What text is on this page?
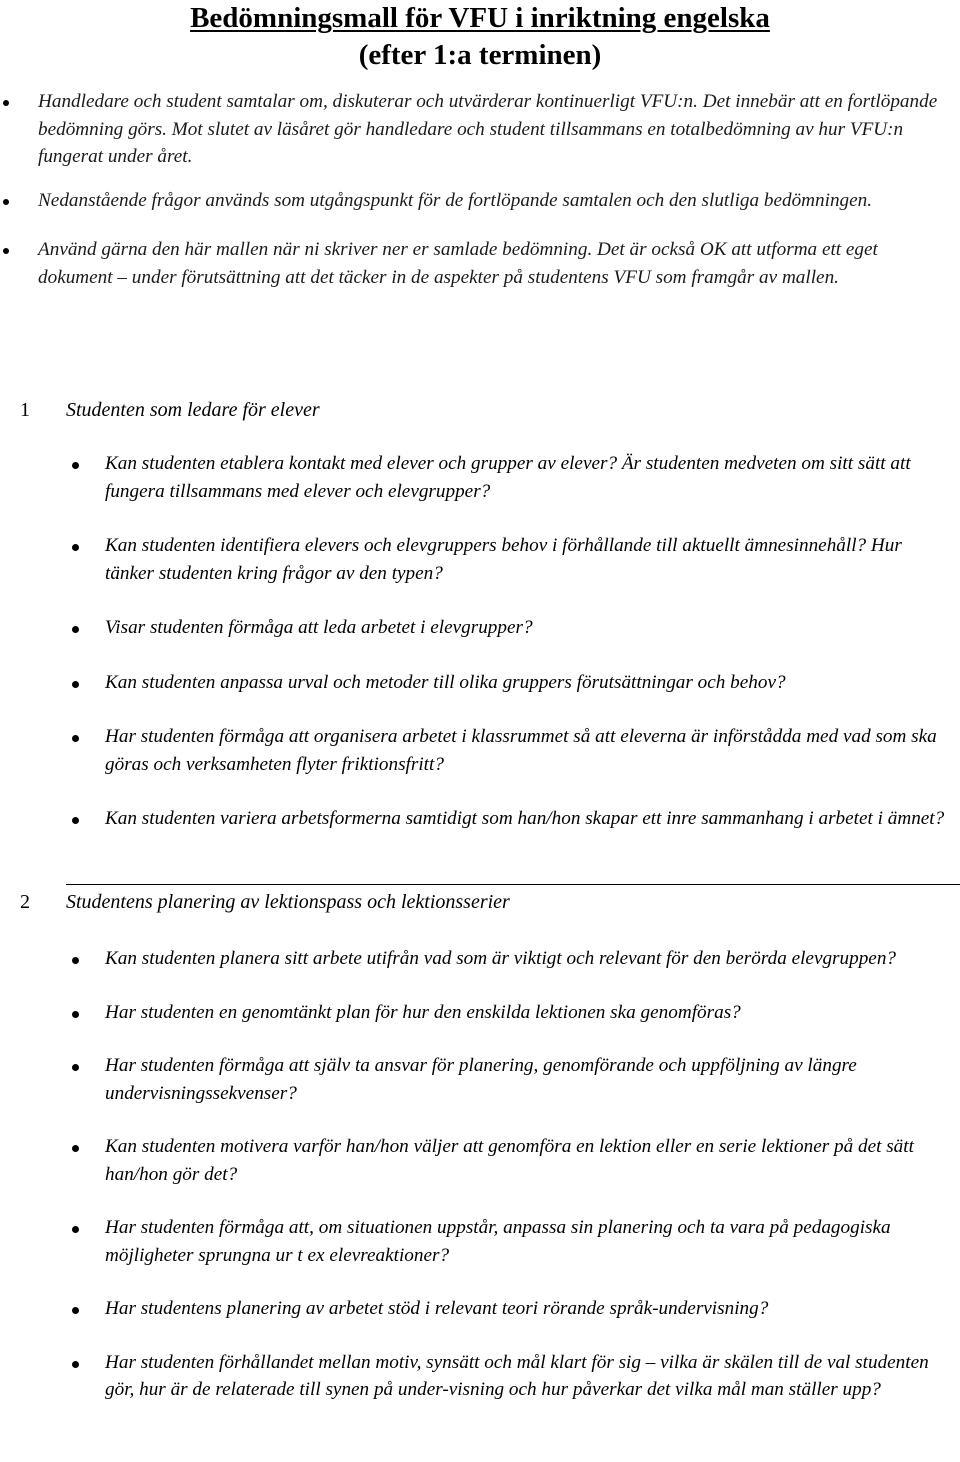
Bedömningsmall för VFU i inriktning engelska
(efter 1:a terminen)
Handledare och student samtalar om, diskuterar och utvärderar kontinuerligt VFU:n. Det innebär att en fortlöpande bedömning görs. Mot slutet av läsåret gör handledare och student tillsammans en totalbedömning av hur VFU:n fungerat under året.
Nedanstående frågor används som utgångspunkt för de fortlöpande samtalen och den slutliga bedömningen.
Använd gärna den här mallen när ni skriver ner er samlade bedömning. Det är också OK att utforma ett eget dokument – under förutsättning att det täcker in de aspekter på studentens VFU som framgår av mallen.
1 Studenten som ledare för elever
Kan studenten etablera kontakt med elever och grupper av elever? Är studenten medveten om sitt sätt att fungera tillsammans med elever och elevgrupper?
Kan studenten identifiera elevers och elevgruppers behov i förhållande till aktuellt ämnesinnehåll? Hur tänker studenten kring frågor av den typen?
Visar studenten förmåga att leda arbetet i elevgrupper?
Kan studenten anpassa urval och metoder till olika gruppers förutsättningar och behov?
Har studenten förmåga att organisera arbetet i klassrummet så att eleverna är införstådda med vad som ska göras och verksamheten flyter friktionsfritt?
Kan studenten variera arbetsformerna samtidigt som han/hon skapar ett inre sammanhang i arbetet i ämnet?
2 Studentens planering av lektionspass och lektionsserier
Kan studenten planera sitt arbete utifrån vad som är viktigt och relevant för den berörda elevgruppen?
Har studenten en genomtänkt plan för hur den enskilda lektionen ska genomföras?
Har studenten förmåga att själv ta ansvar för planering, genomförande och uppföljning av längre undervisningssekvenser?
Kan studenten motivera varför han/hon väljer att genomföra en lektion eller en serie lektioner på det sätt han/hon gör det?
Har studenten förmåga att, om situationen uppstår, anpassa sin planering och ta vara på pedagogiska möjligheter sprungna ur t ex elevreaktioner?
Har studentens planering av arbetet stöd i relevant teori rörande språk-undervisning?
Har studenten förhållandet mellan motiv, synsätt och mål klart för sig – vilka är skälen till de val studenten gör, hur är de relaterade till synen på under-visning och hur påverkar det vilka mål man ställer upp?
